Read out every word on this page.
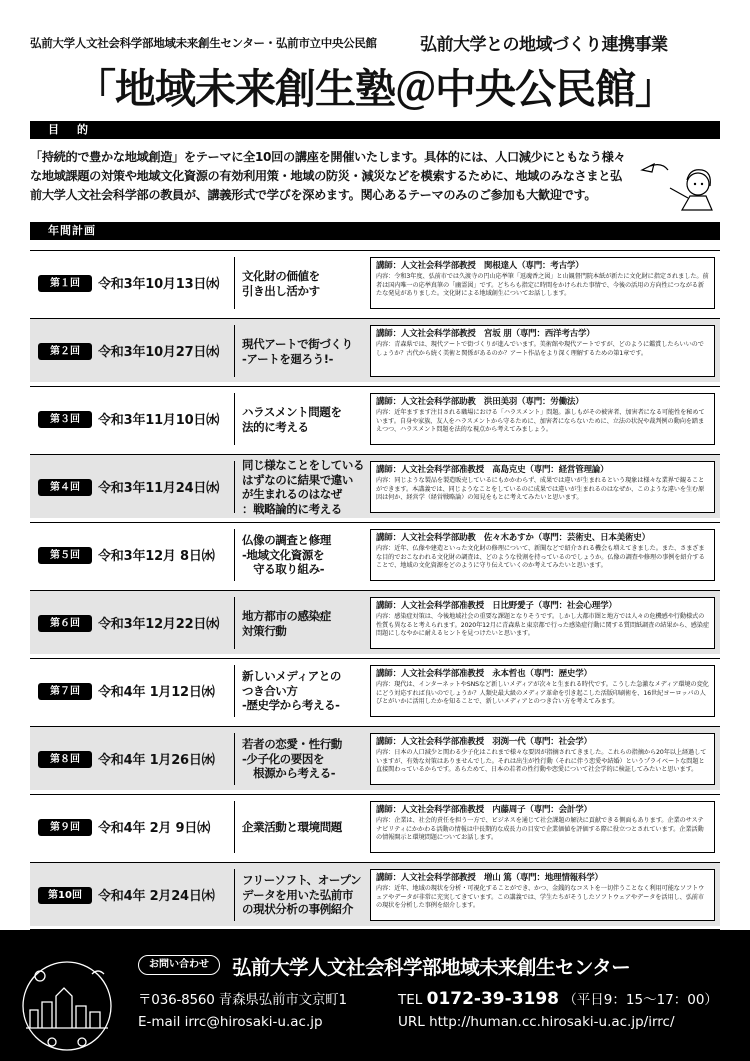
弘前大学人文社会科学部地域未来創生センター・弘前市立中央公民館	弘前大学との地域づくり連携事業
「地域未来創生塾＠中央公民館」
目的
「持続的で豊かな地域創造」をテーマに全10回の講座を開催いたします。具体的には、人口減少にともなう様々な地域課題の対策や地域文化資源の有効利用策・地域の防災・減災などを模索するために、地域のみなさまと弘前大学人文社会科学部の教員が、講義形式で学びを深めます。関心あるテーマのみのご参加も大歓迎です。
年間計画
第１回	令和3年10月13日㈬
文化財の価値を
引き出し活かす
講師：人文社会科学部教授　関根達人（専門：考古学）
内容：令和3年度、弘前市では久渡寺の円山応挙筆「返魂香之図」と山観督門院本紙が新たに文化財に指定されました。前者は国内唯一の応挙真筆の「幽霊図」です。どちらも指定に時間をかけられた事情で、今後の活用の方向性につながる新たな発見がありました。文化財による地域創生についてお話しします。
第２回	令和3年10月27日㈬
現代アートで街づくり
-アートを廻ろう!-
講師：人文社会科学部教授　宮坂 朋（専門：西洋考古学）
内容：青森県では、現代アートで街づくりが進んでいます。美術館や現代アートですが、どのように鑑賞したらいいのでしょうか？古代から続く美術と関係があるのか？アート作品をより深く理解するための第1章です。
第３回	令和3年11月10日㈬
ハラスメント問題を
法的に考える
講師：人文社会科学部助教　洪田美羽（専門：労働法）
内容：近年ますます注目される職場における「ハラスメント」問題。誰しもがその被害者、加害者になる可能性を秘めています。自身や家族、友人をハラスメントから守るために、加害者にならないために、立法の状況や裁判例の動向を踏まえつつ、ハラスメント問題を法的な視点から考えてみましょう。
第４回	令和3年11月24日㈬
同じ様なことをしている
はずなのに結果で違い
が生まれるのはなぜ
：戦略論的に考える
講師：人文社会科学部准教授　髙島克史（専門：経営管理論）
内容：同じような製品を製造販売しているにもかかわらず、成果では違いが生まれるという現象は様々な業界で観ることができます。本講義では、同じようなことをしているのに成果では違いが生まれるのはなぜか、このような違いを生む原因は何か、経営学（経営戦略論）の知見をもとに考えてみたいと思います。
第５回	令和3年12月 8日㈬
仏像の調査と修理
-地域文化資源を
　守る取り組み-
講師：人文社会科学部助教　佐々木あすか（専門：芸術史、日本美術史）
内容：近年、仏像や建造といった文化財の修理について、新聞などで紹介される機会も増えてきました。また、さまざまな目的でおこなわれる文化財の調査は、どのような役割を持っているのでしょうか。仏像の調査や修理の事例を紹介することで、地域の文化資源をどのように守り伝えていくのか考えてみたいと思います。
第６回	令和3年12月22日㈬
地方都市の感染症
対策行動
講師：人文社会科学部准教授　日比野愛子（専門：社会心理学）
内容：感染症対策は、今後地域社会の重要な課題となりそうです。しかし大都市圏と地方では人々の危機感や行動様式の性質も異なると考えられます。2020年12月に青森県と東京都で行った感染症行動に関する質問紙調査の結果から、感染症問題にしなやかに耐えるヒントを見つけたいと思います。
第７回	令和4年 1月12日㈬
新しいメディアとの
つき合い方
-歴史学から考える-
講師：人文社会科学部准教授　永本哲也（専門：歴史学）
内容：現代は、インターネットやSNSなど新しいメディアが次々と生まれる時代です。こうした急激なメディア環境の変化にどう対応すれば良いのでしょうか？人類史最大級のメディア革命を引き起こした活版印刷術を、16世紀ヨーロッパの人びとがいかに活用したかを知ることで、新しいメディアとのつき合い方を考えてみます。
第８回	令和4年 1月26日㈬
若者の恋愛・性行動
-少子化の要因を
　根源から考える-
講師：人文社会科学部准教授　羽渕一代（専門：社会学）
内容：日本の人口減少と関わる少子化はこれまで様々な要因が指摘されてきました。これらの指摘から20年以上経過していますが、有効な対策はありませんでした。それは出生が性行動（それに伴う恋愛や結婚）というプライベートな問題と直接関わっているからです。あらためて、日本の若者の性行動や恋愛について社会学的に検証してみたいと思います。
第９回	令和4年 2月 9日㈬	企業活動と環境問題
講師：人文社会科学部准教授　内藤周子（専門：会計学）
内容：企業は、社会的責任を担う一方で、ビジネスを通じて社会課題の解決に貢献できる側面もあります。企業のサステナビリティにかかわる活動の情報は中長期的な成長力の目安で企業価値を評価する際に役立つとされています。企業活動の情報開示と環境問題についてお話します。
第10回	令和4年 2月24日㈭
フリーソフト、オープン
データを用いた弘前市
の現状分析の事例紹介
講師：人文社会科学部教授　増山 篤（専門：地理情報科学）
内容：近年、地域の現状を分析・可視化することができ、かつ、金銭的なコストを一切伴うことなく利用可能なソフトウェアやデータが非常に充実してきています。この講義では、学生たちがそうしたソフトウェアやデータを活用し、弘前市の現状を分析した事例を紹介します。
お問い合わせ	弘前大学人文社会科学部地域未来創生センター
〒036-8560 青森県弘前市文京町1	TEL 0172-39-3198 （平日9：15～17：00）
E-mail irrc@hirosaki-u.ac.jp	URL http://human.cc.hirosaki-u.ac.jp/irrc/
